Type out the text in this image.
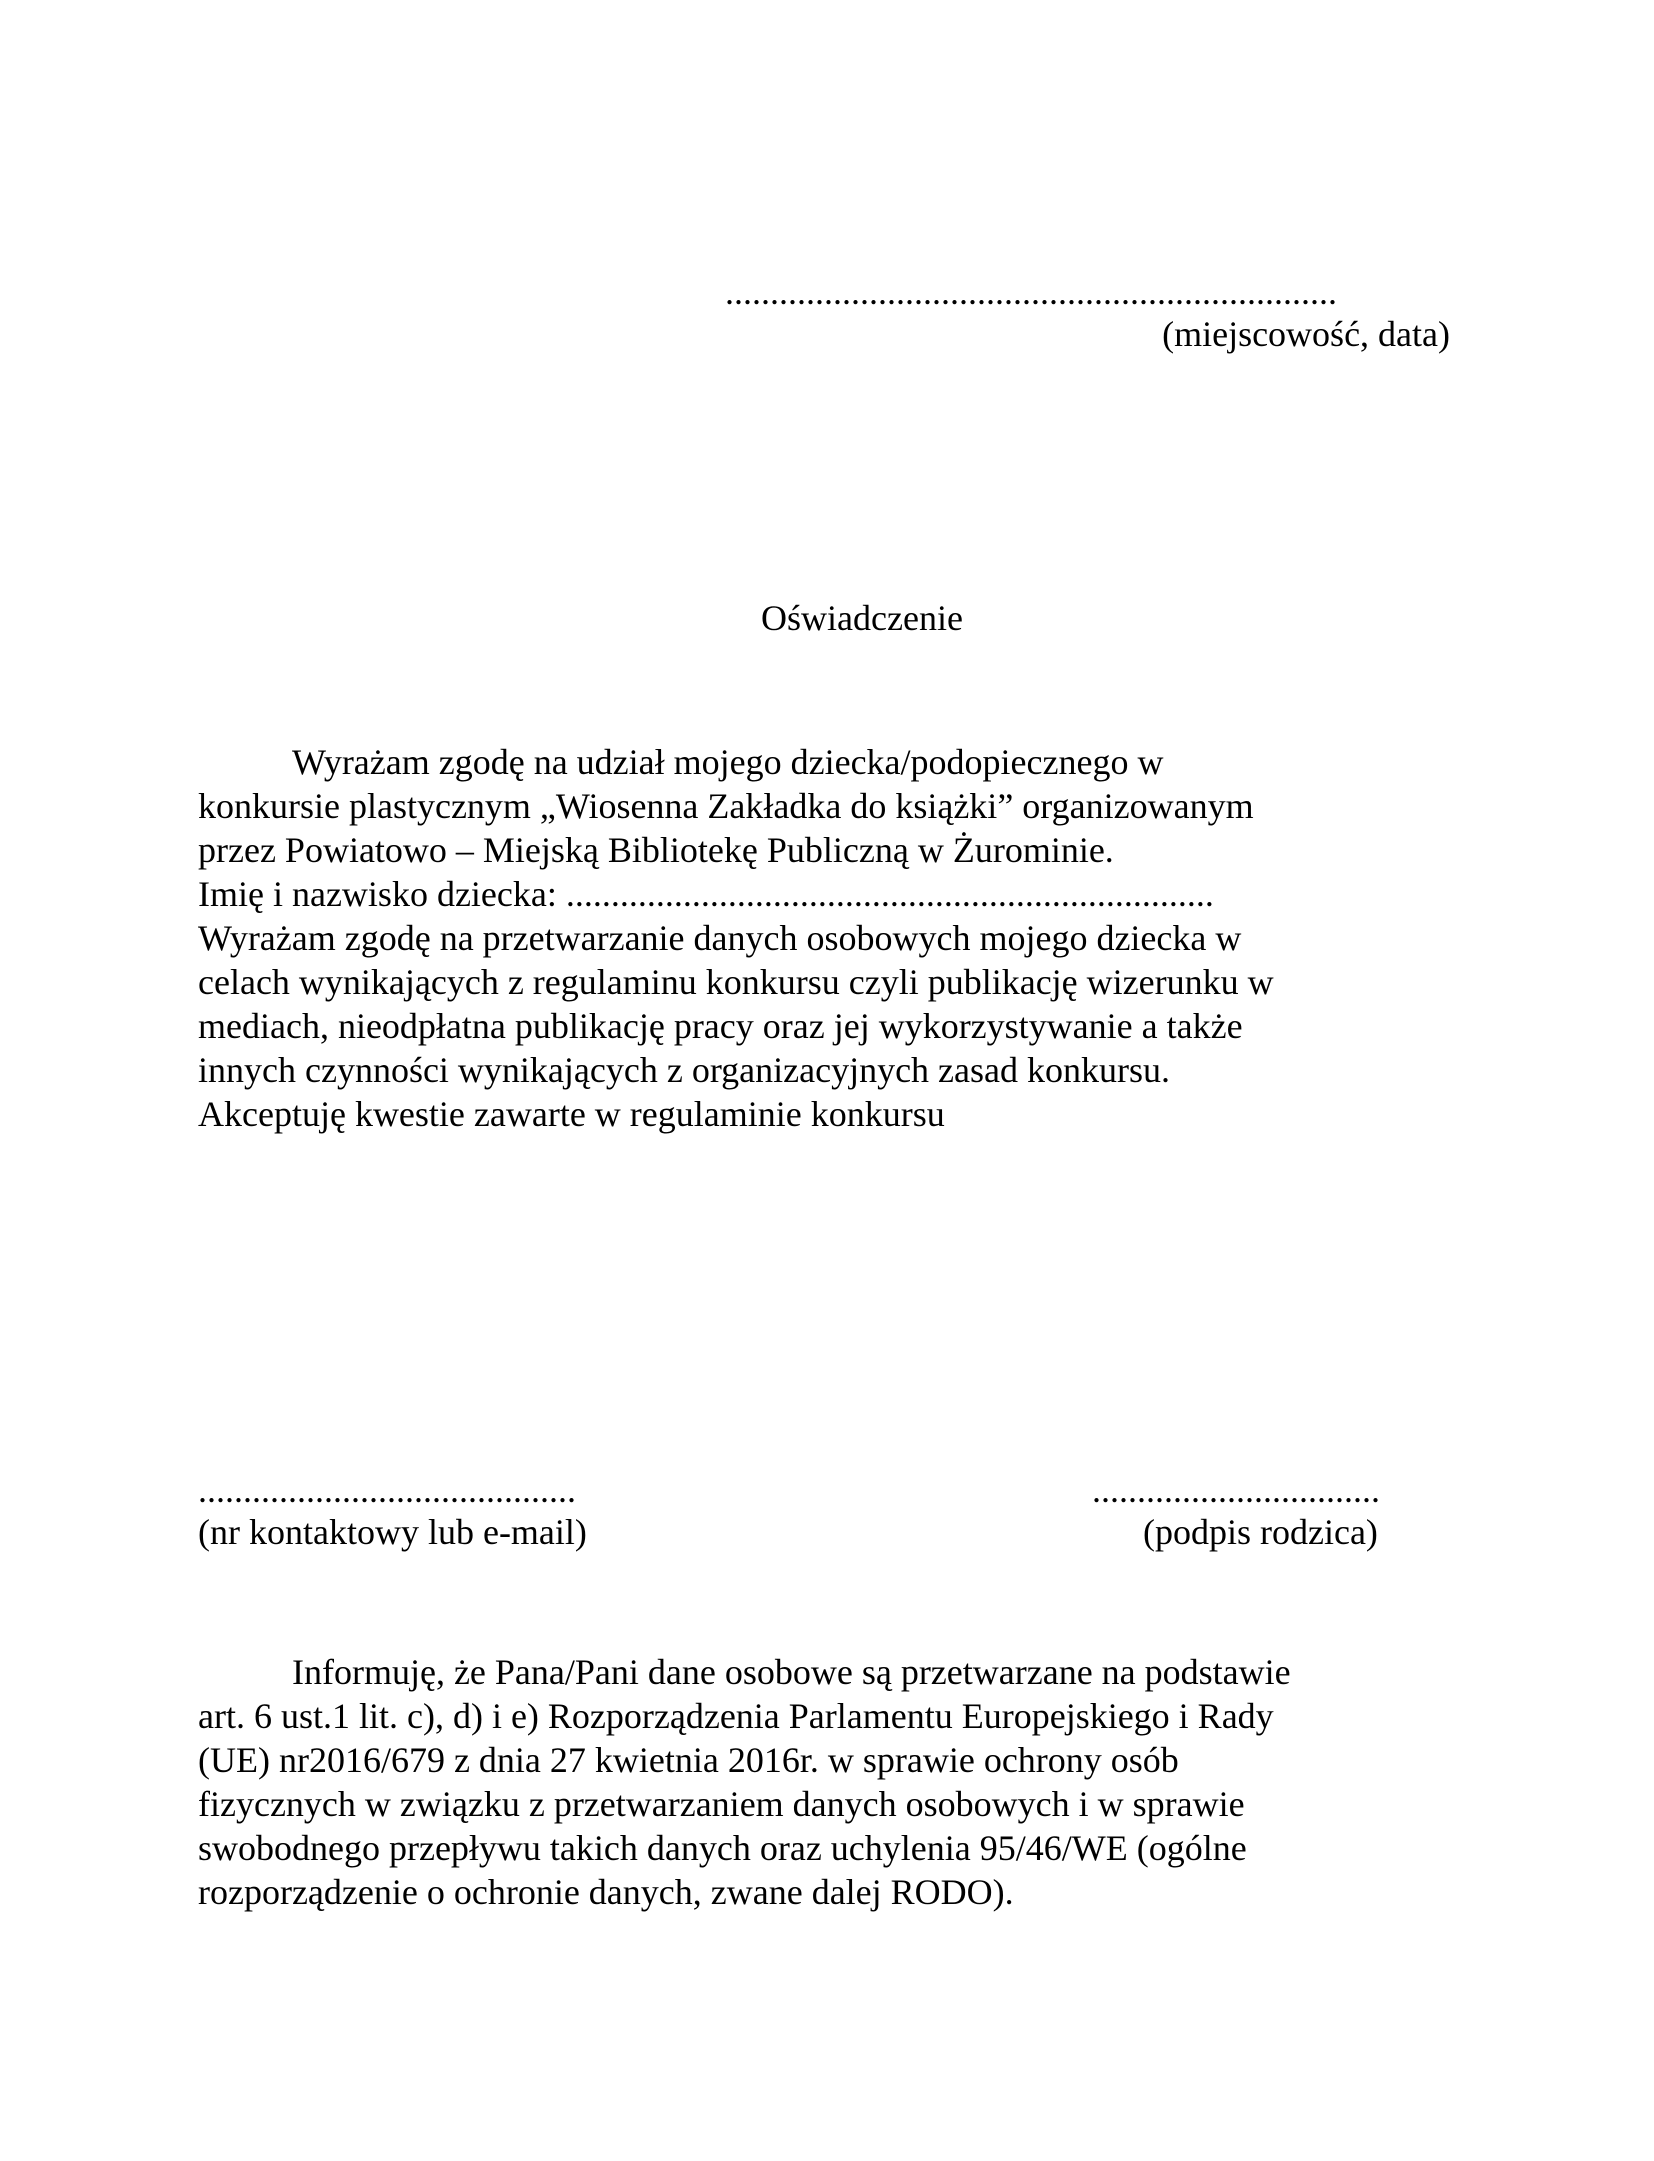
....................................................................
(miejscowość, data)
Oświadczenie
Wyrażam zgodę na udział mojego dziecka/podopiecznego w
konkursie plastycznym „Wiosenna Zakładka do książki” organizowanym
przez Powiatowo – Miejską Bibliotekę Publiczną w Żurominie.
Imię i nazwisko dziecka: ........................................................................
Wyrażam zgodę na przetwarzanie danych osobowych mojego dziecka w
celach wynikających z regulaminu konkursu czyli publikację wizerunku w
mediach, nieodpłatna publikację pracy oraz jej wykorzystywanie a także
innych czynności wynikających z organizacyjnych zasad konkursu.
Akceptuję kwestie zawarte w regulaminie konkursu
..........................................
(nr kontaktowy lub e-mail)
................................
(podpis rodzica)
Informuję, że Pana/Pani dane osobowe są przetwarzane na podstawie
art. 6 ust.1 lit. c), d) i e) Rozporządzenia Parlamentu Europejskiego i Rady
(UE) nr2016/679 z dnia 27 kwietnia 2016r. w sprawie ochrony osób
fizycznych w związku z przetwarzaniem danych osobowych i w sprawie
swobodnego przepływu takich danych oraz uchylenia 95/46/WE (ogólne
rozporządzenie o ochronie danych, zwane dalej RODO).
